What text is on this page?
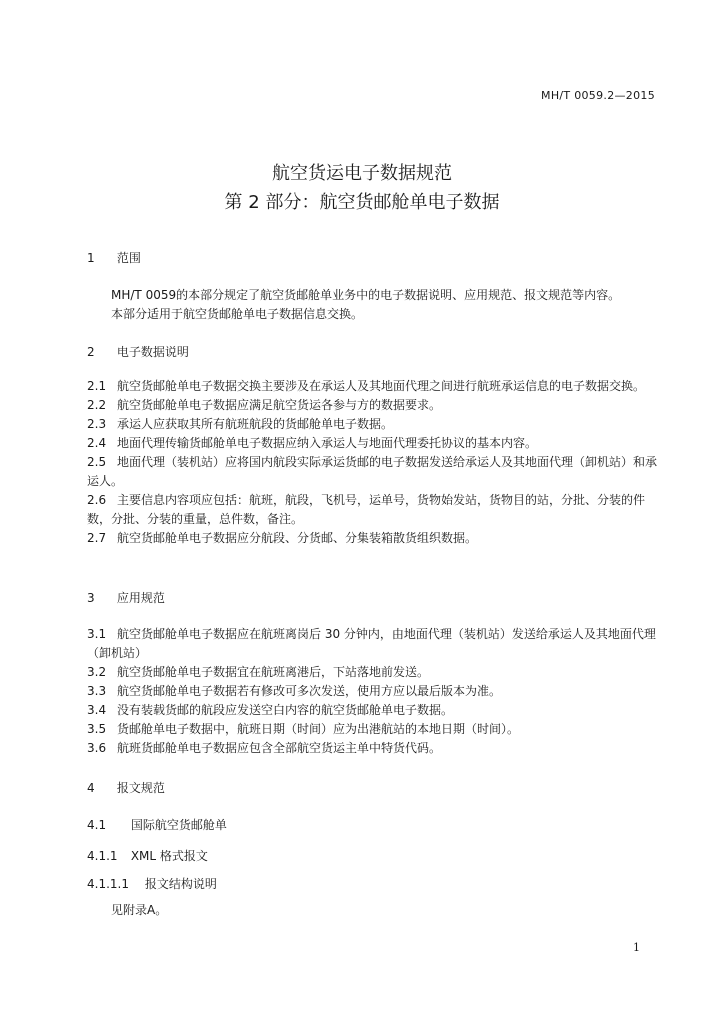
MH/T 0059.2—2015
航空货运电子数据规范
第 2 部分：航空货邮舱单电子数据
1 范围

MH/T 0059的本部分规定了航空货邮舱单业务中的电子数据说明、应用规范、报文规范等内容。

本部分适用于航空货邮舱单电子数据信息交换。

2 电子数据说明

2.1 航空货邮舱单电子数据交换主要涉及在承运人及其地面代理之间进行航班承运信息的电子数据交换。

2.2 航空货邮舱单电子数据应满足航空货运各参与方的数据要求。

2.3 承运人应获取其所有航班航段的货邮舱单电子数据。

2.4 地面代理传输货邮舱单电子数据应纳入承运人与地面代理委托协议的基本内容。

2.5 地面代理（装机站）应将国内航段实际承运货邮的电子数据发送给承运人及其地面代理（卸机站）和承运人。

2.6 主要信息内容项应包括：航班，航段，飞机号，运单号，货物始发站，货物目的站，分批、分装的件数，分批、分装的重量，总件数，备注。

2.7 航空货邮舱单电子数据应分航段、分货邮、分集装箱散货组织数据。

3 应用规范

3.1 航空货邮舱单电子数据应在航班离岗后 30 分钟内，由地面代理（装机站）发送给承运人及其地面代理（卸机站）

3.2 航空货邮舱单电子数据宜在航班离港后，下站落地前发送。

3.3 航空货邮舱单电子数据若有修改可多次发送，使用方应以最后版本为准。

3.4 没有装载货邮的航段应发送空白内容的航空货邮舱单电子数据。

3.5 货邮舱单电子数据中，航班日期（时间）应为出港航站的本地日期（时间）。

3.6 航班货邮舱单电子数据应包含全部航空货运主单中特货代码。

4 报文规范
4.1 国际航空货邮舱单
4.1.1 XML 格式报文
4.1.1.1 报文结构说明

见附录A。

1
